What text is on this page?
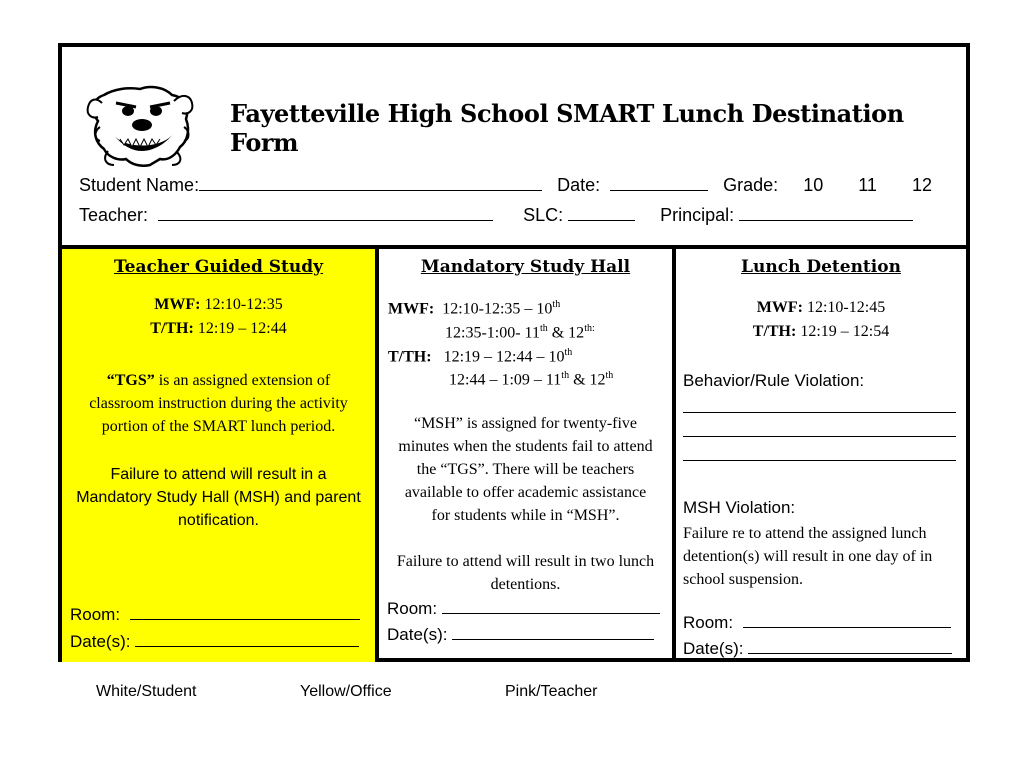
Fayetteville High School SMART Lunch Destination Form
Student Name:	Date:	Grade: 10 11 12
Teacher:	SLC:	Principal:
Teacher Guided Study
MWF: 12:10-12:35
T/TH: 12:19 – 12:44
“TGS” is an assigned extension of
classroom instruction during the activity
portion of the SMART lunch period.
Failure to attend will result in a
Mandatory Study Hall (MSH) and parent
notification.
Room:
Date(s):
Mandatory Study Hall
MWF: 12:10-12:35 – 10th
12:35-1:00- 11th & $12^{th:}$
T/TH: 12:19 – 12:44 – 10th
12:44 – 1:09 – 11th & 12th
“MSH” is assigned for twenty-five
minutes when the students fail to attend
the “TGS”. There will be teachers
available to offer academic assistance
for students while in “MSH”.
Failure to attend will result in two lunch
detentions.
Room:
Date(s):
Lunch Detention
MWF: 12:10-12:45
T/TH: 12:19 – 12:54
Behavior/Rule Violation:
MSH Violation:
Failure re to attend the assigned lunch
detention(s) will result in one day of in
school suspension.
Room:
Date(s):
White/Student	Yellow/Office	Pink/Teacher
